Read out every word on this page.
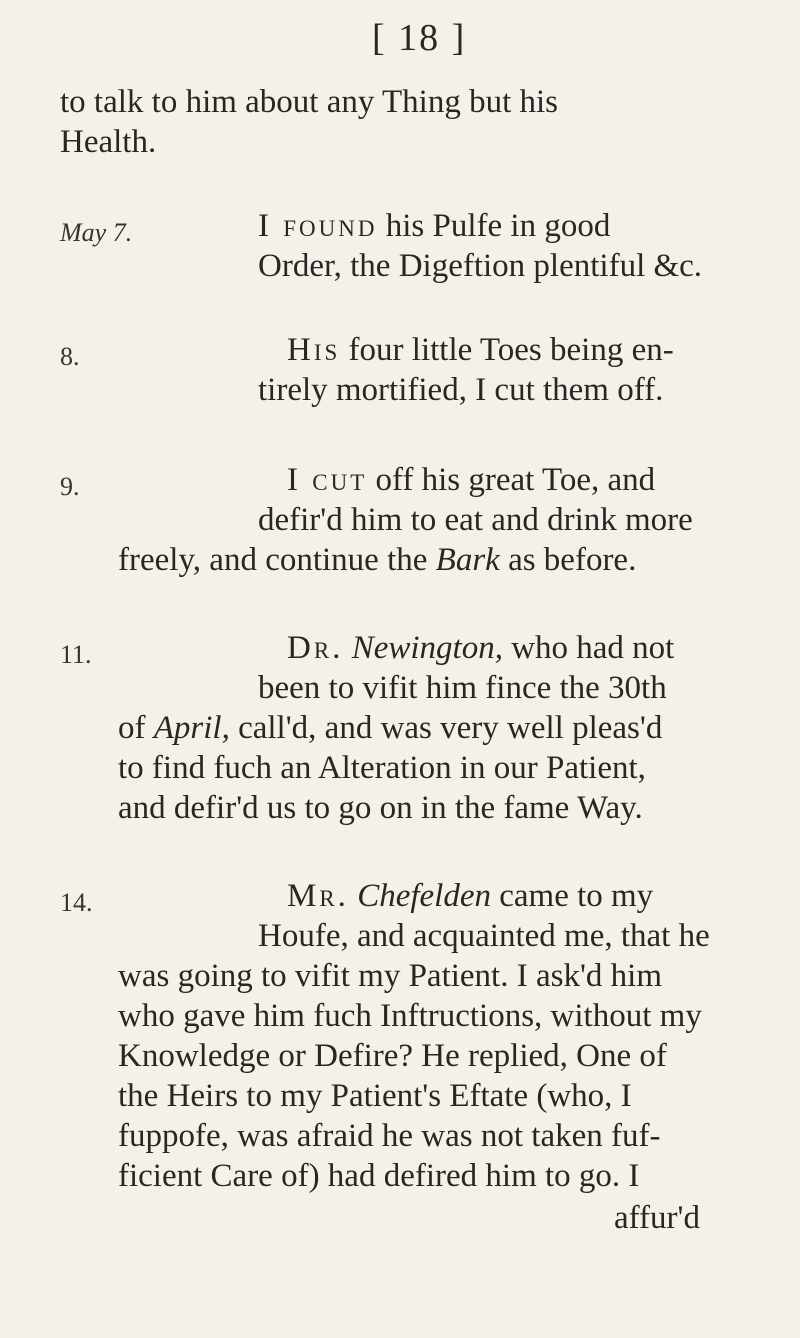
[ 18 ]
to talk to him about any Thing but his
Health.
May 7.	I found his Pulfe in good
Order, the Digeftion plentiful &c.
8.	His four little Toes being en-
tirely mortified, I cut them off.
9.	I cut off his great Toe, and
defir'd him to eat and drink more
freely, and continue the Bark as before.
11.	Dr. Newington, who had not
been to vifit him fince the 30th
of April, call'd, and was very well pleas'd
to find fuch an Alteration in our Patient,
and defir'd us to go on in the fame Way.
14.	Mr. Chefelden came to my
Houfe, and acquainted me, that he
was going to vifit my Patient. I ask'd him
who gave him fuch Inftructions, without my
Knowledge or Defire? He replied, One of
the Heirs to my Patient's Eftate (who, I
fuppofe, was afraid he was not taken fuf-
ficient Care of) had defired him to go. I
affur'd
